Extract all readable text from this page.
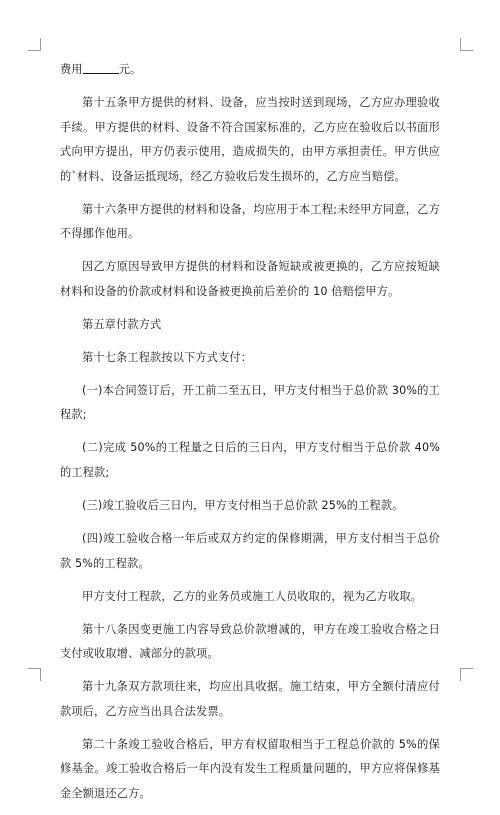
费用	元。

第十五条甲方提供的材料、设备，应当按时送到现场，乙方应办理验收手续。甲方提供的材料、设备不符合国家标准的，乙方应在验收后以书面形式向甲方提出，甲方仍表示使用，造成损失的，由甲方承担责任。甲方供应的`材料、设备运抵现场，经乙方验收后发生损坏的，乙方应当赔偿。

第十六条甲方提供的材料和设备，均应用于本工程;未经甲方同意，乙方不得挪作他用。

因乙方原因导致甲方提供的材料和设备短缺或被更换的，乙方应按短缺材料和设备的价款或材料和设备被更换前后差价的 10 倍赔偿甲方。

第五章付款方式

第十七条工程款按以下方式支付：

(一)本合同签订后，开工前二至五日，甲方支付相当于总价款 30%的工程款;

(二)完成 50%的工程量之日后的三日内，甲方支付相当于总价款 40%的工程款;

(三)竣工验收后三日内，甲方支付相当于总价款 25%的工程款。

(四)竣工验收合格一年后或双方约定的保修期满，甲方支付相当于总价款 5%的工程款。

甲方支付工程款，乙方的业务员或施工人员收取的，视为乙方收取。

第十八条因变更施工内容导致总价款增减的，甲方在竣工验收合格之日支付或收取增、减部分的款项。

第十九条双方款项往来，均应出具收据。施工结束，甲方全额付清应付款项后，乙方应当出具合法发票。

第二十条竣工验收合格后，甲方有权留取相当于工程总价款的 5%的保修基金。竣工验收合格后一年内没有发生工程质量问题的，甲方应将保修基金全额退还乙方。
